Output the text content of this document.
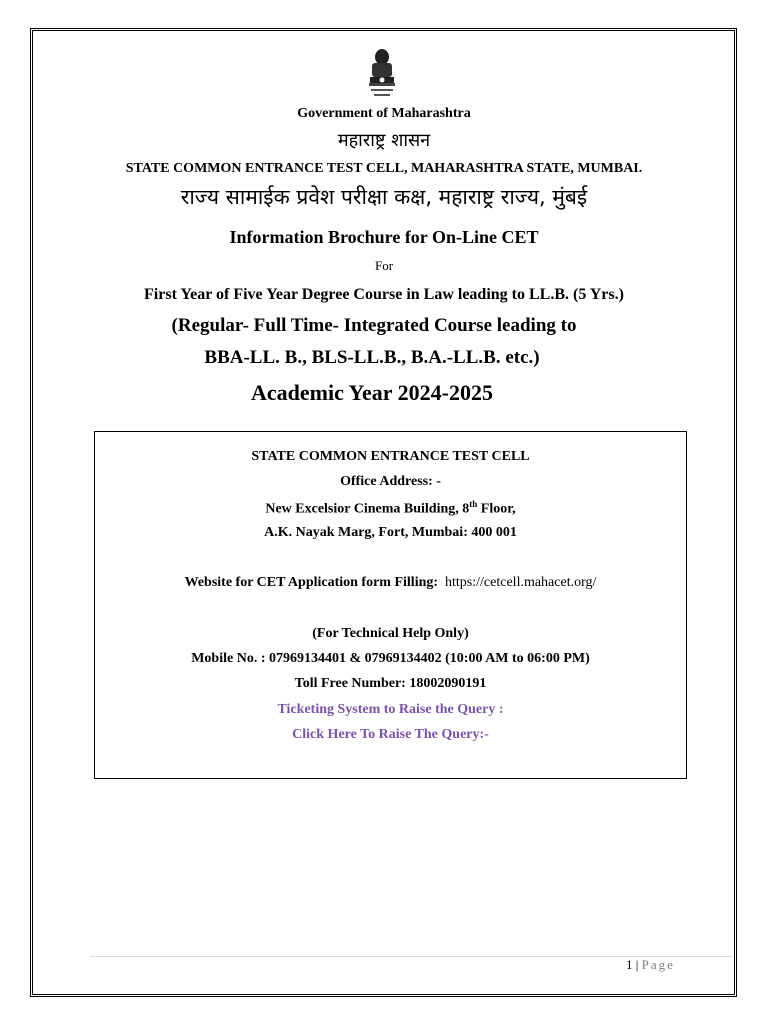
Government of Maharashtra
महाराष्ट्र शासन
STATE COMMON ENTRANCE TEST CELL, MAHARASHTRA STATE, MUMBAI.
राज्य सामाईक प्रवेश परीक्षा कक्ष, महाराष्ट्र राज्य, मुंबई
Information Brochure for On-Line CET
For
First Year of Five Year Degree Course in Law leading to LL.B. (5 Yrs.)
(Regular- Full Time- Integrated Course leading to
BBA-LL. B., BLS-LL.B., B.A.-LL.B. etc.)
Academic Year 2024-2025
STATE COMMON ENTRANCE TEST CELL
Office Address: -
New Excelsior Cinema Building, 8th Floor,
A.K. Nayak Marg, Fort, Mumbai: 400 001
Website for CET Application form Filling: https://cetcell.mahacet.org/
(For Technical Help Only)
Mobile No. : 07969134401 & 07969134402 (10:00 AM to 06:00 PM)
Toll Free Number: 18002090191
Ticketing System to Raise the Query :
Click Here To Raise The Query:-
1 | Page
